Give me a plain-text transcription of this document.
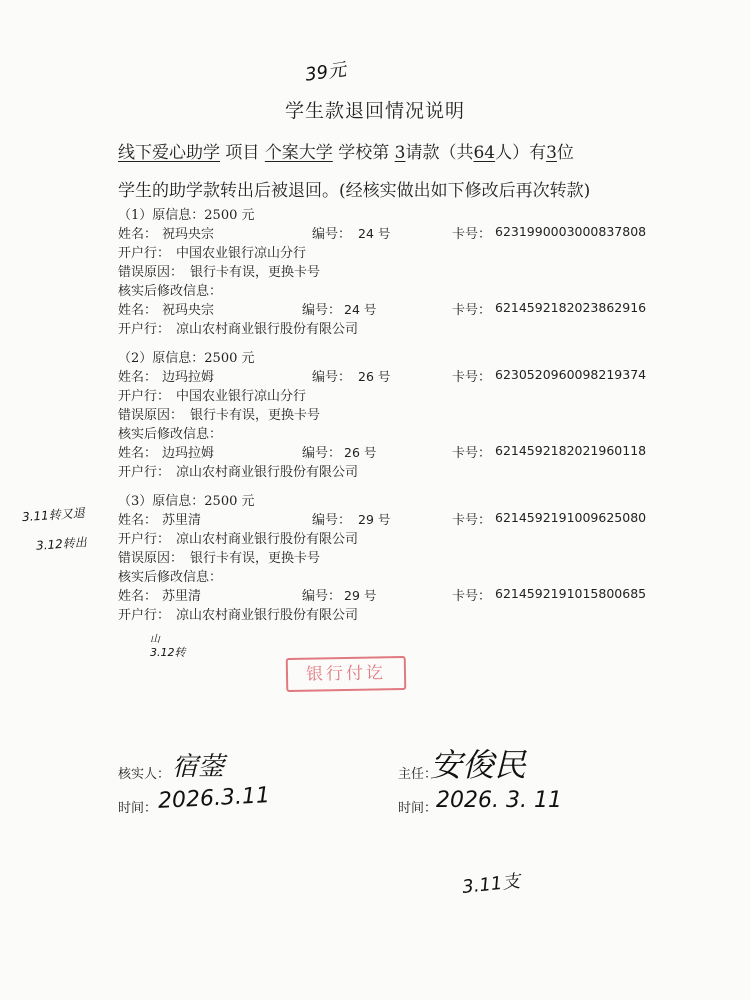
39元
学生款退回情况说明
线下爱心助学 项目 个案大学 学校第 3请款（共64人）有3位
学生的助学款转出后被退回。(经核实做出如下修改后再次转款)
（1）原信息：2500 元
姓名： 祝玛央宗	编号： 24 号	卡号： 6231990003000837808
开户行： 中国农业银行凉山分行
错误原因： 银行卡有误，更换卡号
核实后修改信息：
姓名： 祝玛央宗	编号： 24 号	卡号： 6214592182023862916
开户行： 凉山农村商业银行股份有限公司
（2）原信息：2500 元
姓名： 边玛拉姆	编号： 26 号	卡号： 6230520960098219374
开户行： 中国农业银行凉山分行
错误原因： 银行卡有误，更换卡号
核实后修改信息：
姓名： 边玛拉姆	编号： 26 号	卡号： 6214592182021960118
开户行： 凉山农村商业银行股份有限公司
（3）原信息：2500 元
姓名： 苏里清	编号： 29 号	卡号： 6214592191009625080
开户行： 凉山农村商业银行股份有限公司
错误原因： 银行卡有误，更换卡号
核实后修改信息：
姓名： 苏里清	编号： 29 号	卡号： 6214592191015800685
开户行： 凉山农村商业银行股份有限公司
3.11转又退
3.12转出
山
3.12转
银行付讫
核实人： 宿蓥
时间： 2026.3.11
主任：
安俊民
时间：
2026. 3. 11
3.11支
